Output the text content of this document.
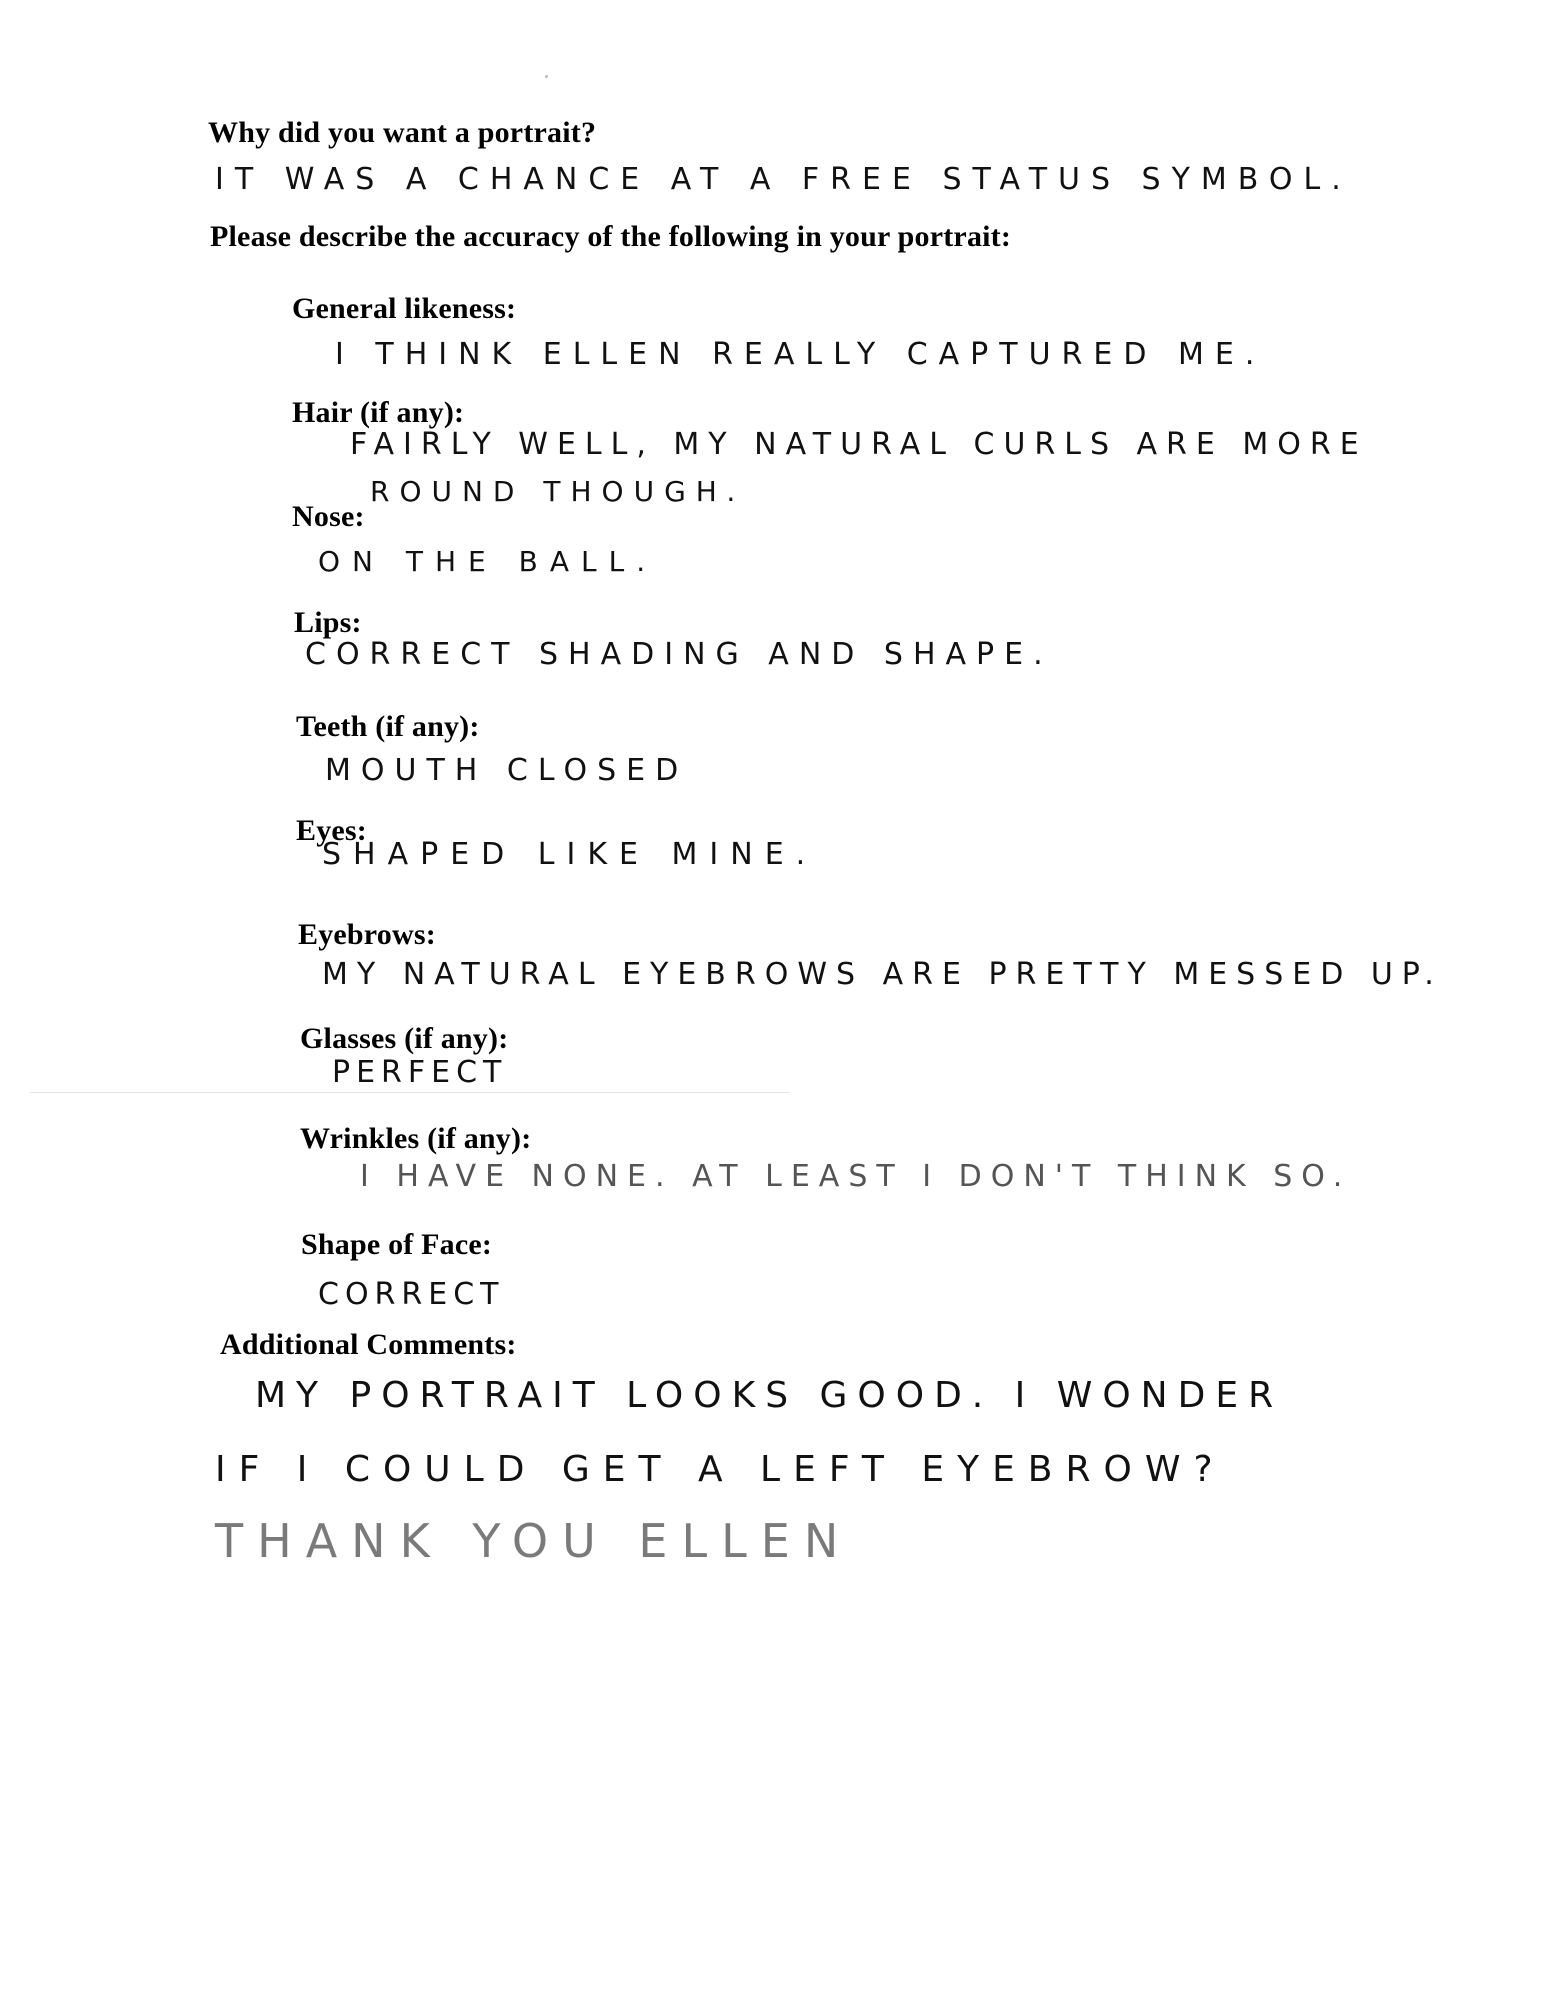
Why did you want a portrait?
IT WAS A CHANCE AT A FREE STATUS SYMBOL.
Please describe the accuracy of the following in your portrait:
General likeness:
I THINK ELLEN REALLY CAPTURED ME.
Hair (if any):
FAIRLY WELL, MY NATURAL CURLS ARE MORE
ROUND THOUGH.
Nose:
ON THE BALL.
Lips:
CORRECT SHADING AND SHAPE.
Teeth (if any):
MOUTH CLOSED
Eyes:
SHAPED LIKE MINE.
Eyebrows:
MY NATURAL EYEBROWS ARE PRETTY MESSED UP.
Glasses (if any):
PERFECT
Wrinkles (if any):
I HAVE NONE. AT LEAST I DON'T THINK SO.
Shape of Face:
CORRECT
Additional Comments:
MY PORTRAIT LOOKS GOOD. I WONDER
IF I COULD GET A LEFT EYEBROW?
THANK YOU ELLEN
